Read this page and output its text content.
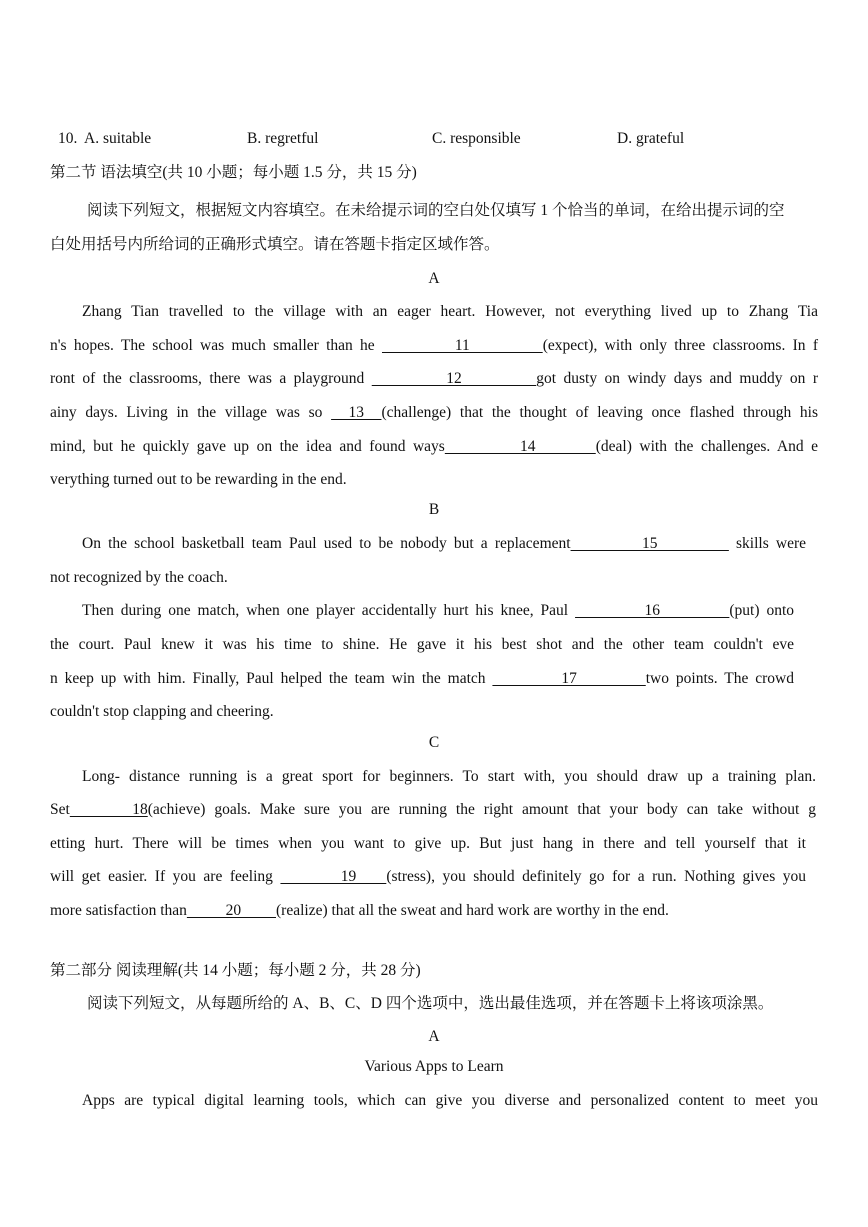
10. A. suitable	B. regretful	C. responsible	D. grateful
第二节 语法填空(共 10 小题；每小题 1.5 分，共 15 分)
阅读下列短文，根据短文内容填空。在未给提示词的空白处仅填写 1 个恰当的单词，在给出提示词的空
白处用括号内所给词的正确形式填空。请在答题卡指定区域作答。
A
Zhang Tian travelled to the village with an eager heart. However, not everything lived up to Zhang Tia
n's hopes. The school was much smaller than he           11          (expect), with only three classrooms. In f
ront of the classrooms, there was a playground           12          got dusty on windy days and muddy on r
ainy days. Living in the village was so   13  (challenge) that the thought of leaving once flashed through his
mind, but he quickly gave up on the idea and found ways          14        (deal) with the challenges. And e
verything turned out to be rewarding in the end.
B
On the school basketball team Paul used to be nobody but a replacement          15           skills were
not recognized by the coach.
Then during one match, when one player accidentally hurt his knee, Paul           16          (put) onto
the court. Paul knew it was his time to shine. He gave it his best shot and the other team couldn't eve
n keep up with him. Finally, Paul helped the team win the match           17          two points. The crowd
couldn't stop clapping and cheering.
C
Long- distance running is a great sport for beginners. To start with, you should draw up a training plan.
Set       18(achieve) goals. Make sure you are running the right amount that your body can take without g
etting hurt. There will be times when you want to give up. But just hang in there and tell yourself that it
will get easier. If you are feeling         19    (stress), you should definitely go for a run. Nothing gives you
more satisfaction than          20         (realize) that all the sweat and hard work are worthy in the end.
第二部分 阅读理解(共 14 小题；每小题 2 分，共 28 分)
阅读下列短文，从每题所给的 A、B、C、D 四个选项中，选出最佳选项，并在答题卡上将该项涂黑。
A
Various Apps to Learn
Apps are typical digital learning tools, which can give you diverse and personalized content to meet you
